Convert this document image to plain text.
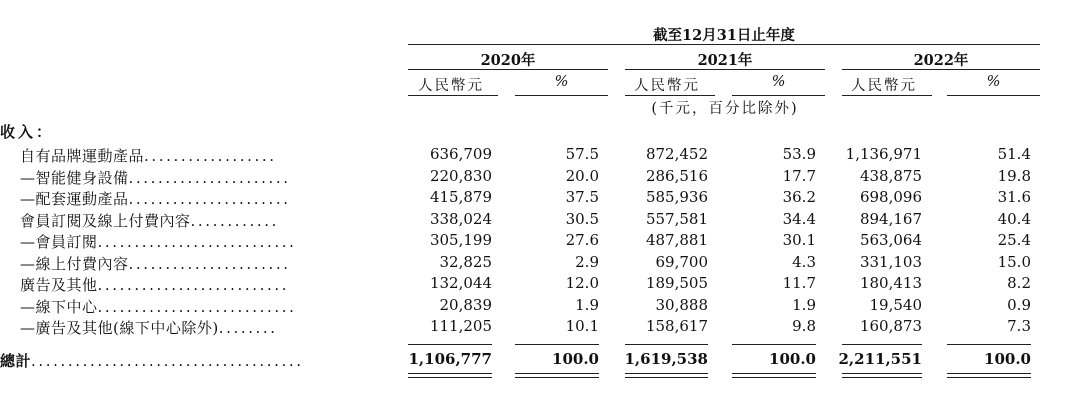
截至12月31日止年度
2020年	2021年	2022年
人民幣元	%	人民幣元	%	人民幣元	%
(千元，百分比除外)
收入：
自有品牌運動產品..................	636,709	57.5	872,452	53.9	1,136,971	51.4
—智能健身設備......................	220,830	20.0	286,516	17.7	438,875	19.8
—配套運動產品......................	415,879	37.5	585,936	36.2	698,096	31.6
會員訂閱及線上付費內容............	338,024	30.5	557,581	34.4	894,167	40.4
—會員訂閱...........................	305,199	27.6	487,881	30.1	563,064	25.4
—線上付費內容......................	32,825	2.9	69,700	4.3	331,103	15.0
廣告及其他..........................	132,044	12.0	189,505	11.7	180,413	8.2
—線下中心...........................	20,839	1.9	30,888	1.9	19,540	0.9
—廣告及其他(線下中心除外)........	111,205	10.1	158,617	9.8	160,873	7.3
總計.....................................	1,106,777	100.0	1,619,538	100.0	2,211,551	100.0
